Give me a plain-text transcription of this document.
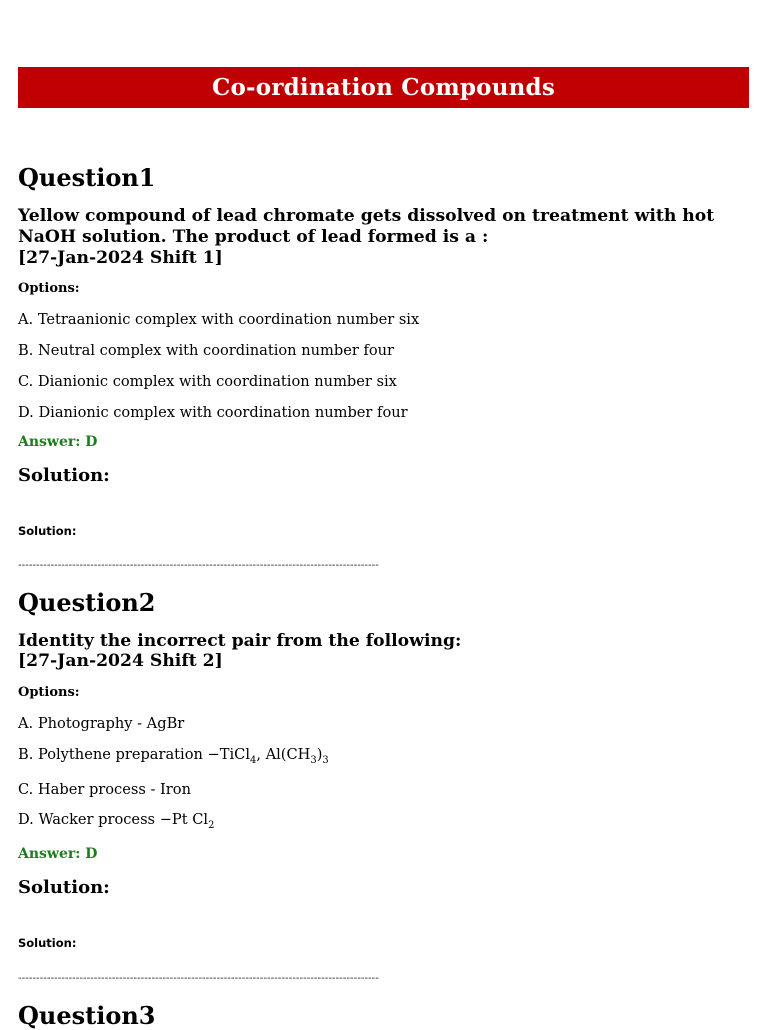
Co-ordination Compounds
Question1
Yellow compound of lead chromate gets dissolved on treatment with hot
NaOH solution. The product of lead formed is a :
[27-Jan-2024 Shift 1]
Options:
A. Tetraanionic complex with coordination number six
B. Neutral complex with coordination number four
C. Dianionic complex with coordination number six
D. Dianionic complex with coordination number four
Answer: D
Solution:
Solution:
----------------------------------------------------------------------------------------------------
Question2
Identity the incorrect pair from the following:
[27-Jan-2024 Shift 2]
Options:
A. Photography - AgBr
B. Polythene preparation −TiCl$_4$, $Al(CH_3)_3$
C. Haber process - Iron
D. Wacker process −Pt $Cl_2$
Answer: D
Solution:
Solution:
----------------------------------------------------------------------------------------------------
Question3
